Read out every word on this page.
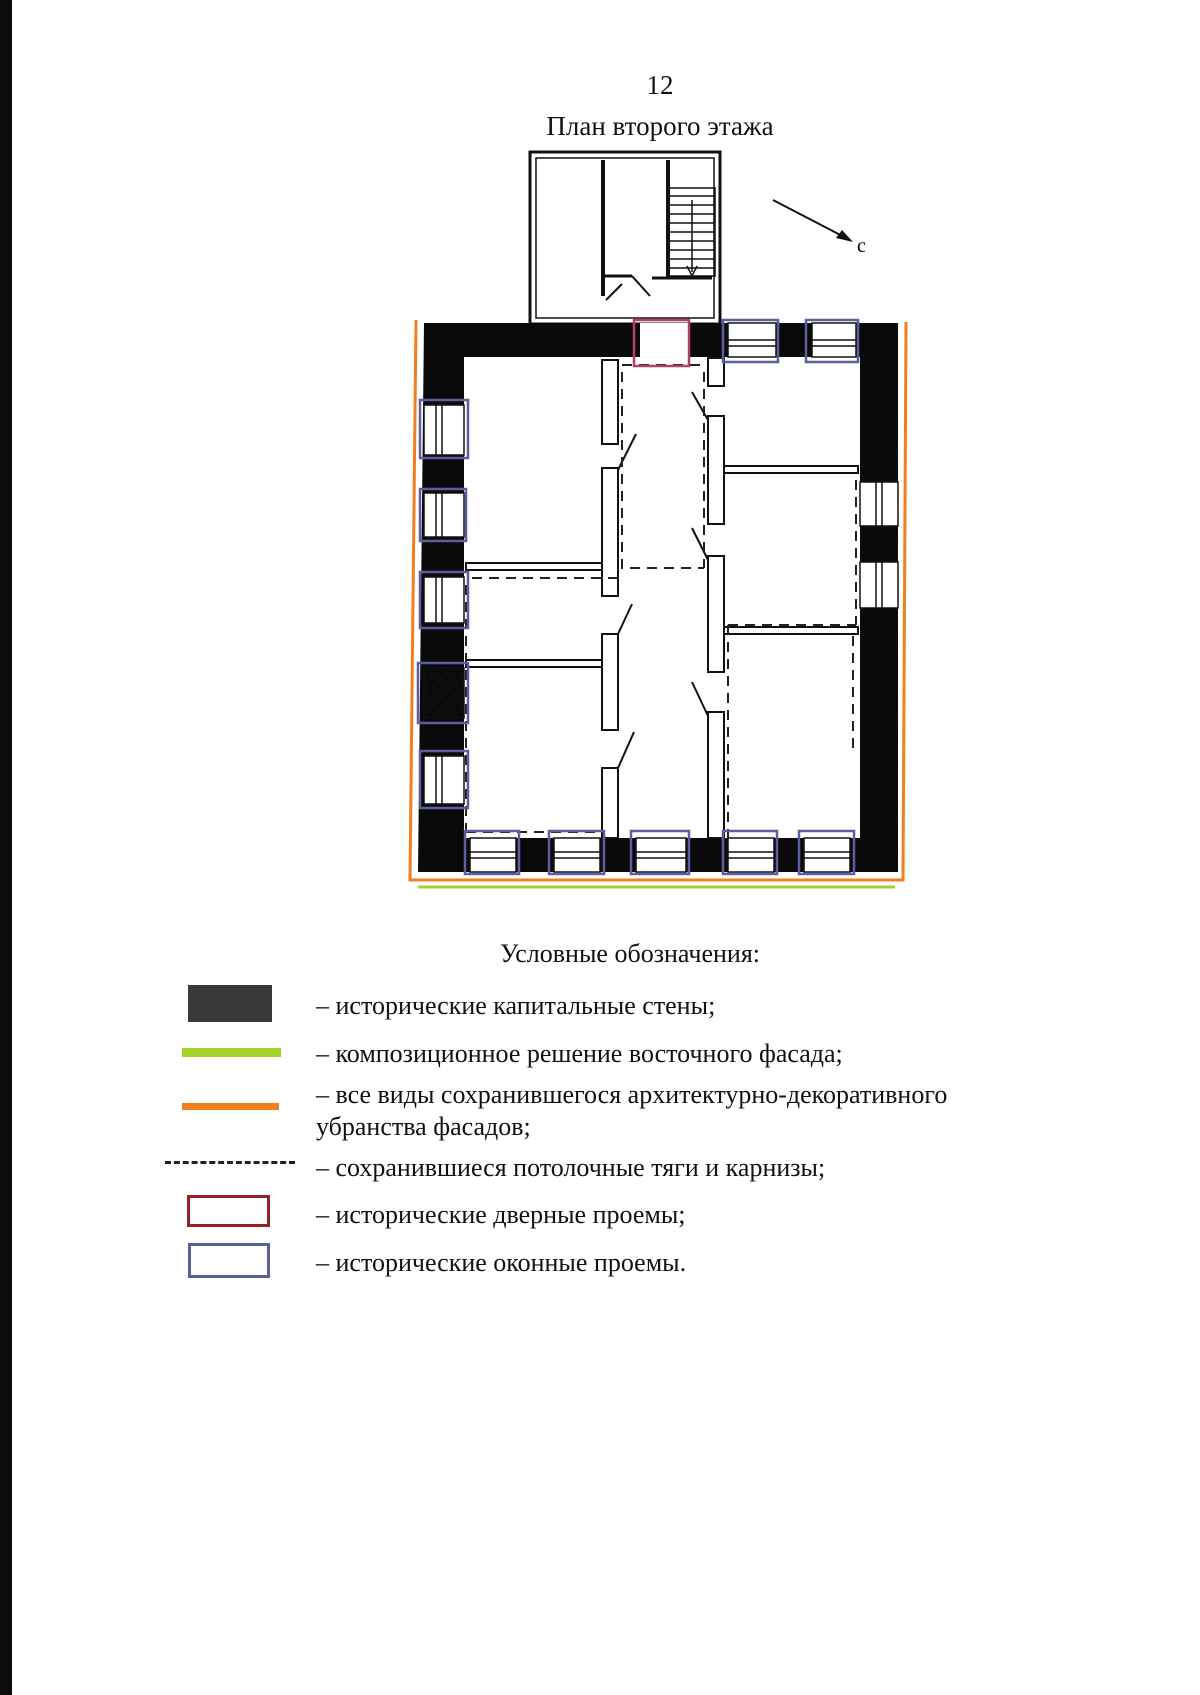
12
План второго этажа
с
Условные обозначения:
– исторические капитальные стены;
– композиционное решение восточного фасада;
– все виды сохранившегося архитектурно-декоративного
убранства фасадов;
– сохранившиеся потолочные тяги и карнизы;
– исторические дверные проемы;
– исторические оконные проемы.
